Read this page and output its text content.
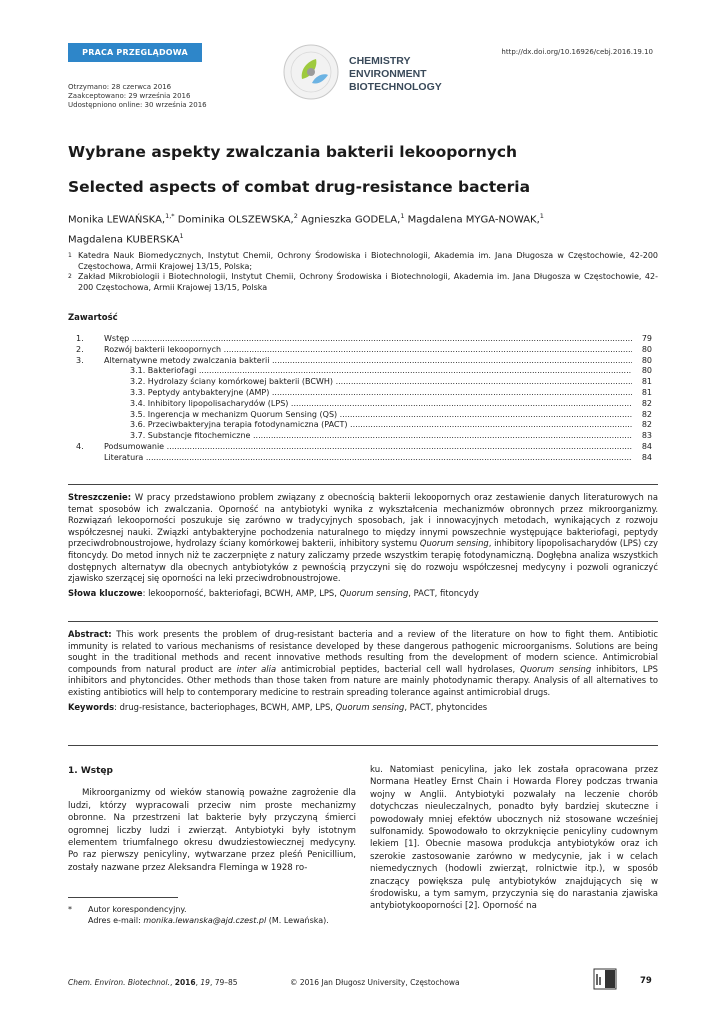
PRACA PRZEGLĄDOWA	http://dx.doi.org/10.16926/cebj.2016.19.10
CHEMISTRY
ENVIRONMENT
BIOTECHNOLOGY
Otrzymano: 28 czerwca 2016
Zaakceptowano: 29 września 2016
Udostępniono online: 30 września 2016
Wybrane aspekty zwalczania bakterii lekoopornych
Selected aspects of combat drug-resistance bacteria
Monika LEWAŃSKA,$^{1,*}$ Dominika OLSZEWSKA,$^2$ Agnieszka GODELA,$^1$ Magdalena MYGA-NOWAK,$^1$
Magdalena KUBERSKA$^1$
1 Katedra Nauk Biomedycznych, Instytut Chemii, Ochrony Środowiska i Biotechnologii, Akademia im. Jana Długosza w Częstochowie, 42-200 Częstochowa, Armii Krajowej 13/15, Polska;
2 Zakład Mikrobiologii i Biotechnologii, Instytut Chemii, Ochrony Środowiska i Biotechnologii, Akademia im. Jana Długosza w Częstochowie, 42-200 Częstochowa, Armii Krajowej 13/15, Polska
Zawartość
1.	Wstęp .....	79
2.	Rozwój bakterii lekoopornych .....	80
3.	Alternatywne metody zwalczania bakterii .....	80
3.1. Bakteriofagi .....	80
3.2. Hydrolazy ściany komórkowej bakterii (BCWH) .....	81
3.3. Peptydy antybakteryjne (AMP) .....	81
3.4. Inhibitory lipopolisacharydów (LPS) .....	82
3.5. Ingerencja w mechanizm Quorum Sensing (QS) .....	82
3.6. Przeciwbakteryjna terapia fotodynamiczna (PACT) .....	82
3.7. Substancje fitochemiczne .....	83
4.	Podsumowanie .....	84
Literatura .....	84
Streszczenie: W pracy przedstawiono problem związany z obecnością bakterii lekoopornych oraz zestawienie danych literaturowych na temat sposobów ich zwalczania. Oporność na antybiotyki wynika z wykształcenia mechanizmów obronnych przez mikroorganizmy. Rozwiązań lekooporności poszukuje się zarówno w tradycyjnych sposobach, jak i innowacyjnych metodach, wynikających z rozwoju współczesnej nauki. Związki antybakteryjne pochodzenia naturalnego to między innymi powszechnie występujące bakteriofagi, peptydy przeciwdrobnoustrojowe, hydrolazy ściany komórkowej bakterii, inhibitory systemu Quorum sensing, inhibitory lipopolisacharydów (LPS) czy fitoncydy. Do metod innych niż te zaczerpnięte z natury zaliczamy przede wszystkim terapię fotodynamiczną. Dogłębna analiza wszystkich dostępnych alternatyw dla obecnych antybiotyków z pewnością przyczyni się do rozwoju współczesnej medycyny i pozwoli ograniczyć zjawisko szerzącej się oporności na leki przeciwdrobnoustrojowe.
Słowa kluczowe: lekooporność, bakteriofagi, BCWH, AMP, LPS, Quorum sensing, PACT, fitoncydy
Abstract: This work presents the problem of drug-resistant bacteria and a review of the literature on how to fight them. Antibiotic immunity is related to various mechanisms of resistance developed by these dangerous pathogenic microorganisms. Solutions are being sought in the traditional methods and recent innovative methods resulting from the development of modern science. Antimicrobial compounds from natural product are inter alia antimicrobial peptides, bacterial cell wall hydrolases, Quorum sensing inhibitors, LPS inhibitors and phytoncides. Other methods than those taken from nature are mainly photodynamic therapy. Analysis of all alternatives to existing antibiotics will help to contemporary medicine to restrain spreading tolerance against antimicrobial drugs.
Keywords: drug-resistance, bacteriophages, BCWH, AMP, LPS, Quorum sensing, PACT, phytoncides
1. Wstęp

Mikroorganizmy od wieków stanowią poważne zagrożenie dla ludzi, którzy wypracowali przeciw nim proste mechanizmy obronne. Na przestrzeni lat bakterie były przyczyną śmierci ogromnej liczby ludzi i zwierząt. Antybiotyki były istotnym elementem triumfalnego okresu dwudziestowiecznej medycyny. Po raz pierwszy penicyliny, wytwarzane przez pleśń Penicillium, zostały nazwane przez Aleksandra Fleminga w 1928 ro-

ku. Natomiast penicylina, jako lek została opracowana przez Normana Heatley Ernst Chain i Howarda Florey podczas trwania wojny w Anglii. Antybiotyki pozwalały na leczenie chorób dotychczas nieuleczalnych, ponadto były bardziej skuteczne i powodowały mniej efektów ubocznych niż stosowane wcześniej sulfonamidy. Spowodowało to okrzyknięcie penicyliny cudownym lekiem [1]. Obecnie masowa produkcja antybiotyków oraz ich szerokie zastosowanie zarówno w medycynie, jak i w celach niemedycznych (hodowli zwierząt, rolnictwie itp.), w sposób znaczący powiększa pulę antybiotyków znajdujących się w środowisku, a tym samym, przyczynia się do narastania zjawiska antybiotykooporności [2]. Oporność na

*	Autor korespondencyjny.
Adres e-mail: monika.lewanska@ajd.czest.pl (M. Lewańska).
Chem. Environ. Biotechnol., 2016, 19, 79–85	© 2016 Jan Długosz University, Częstochowa	79
